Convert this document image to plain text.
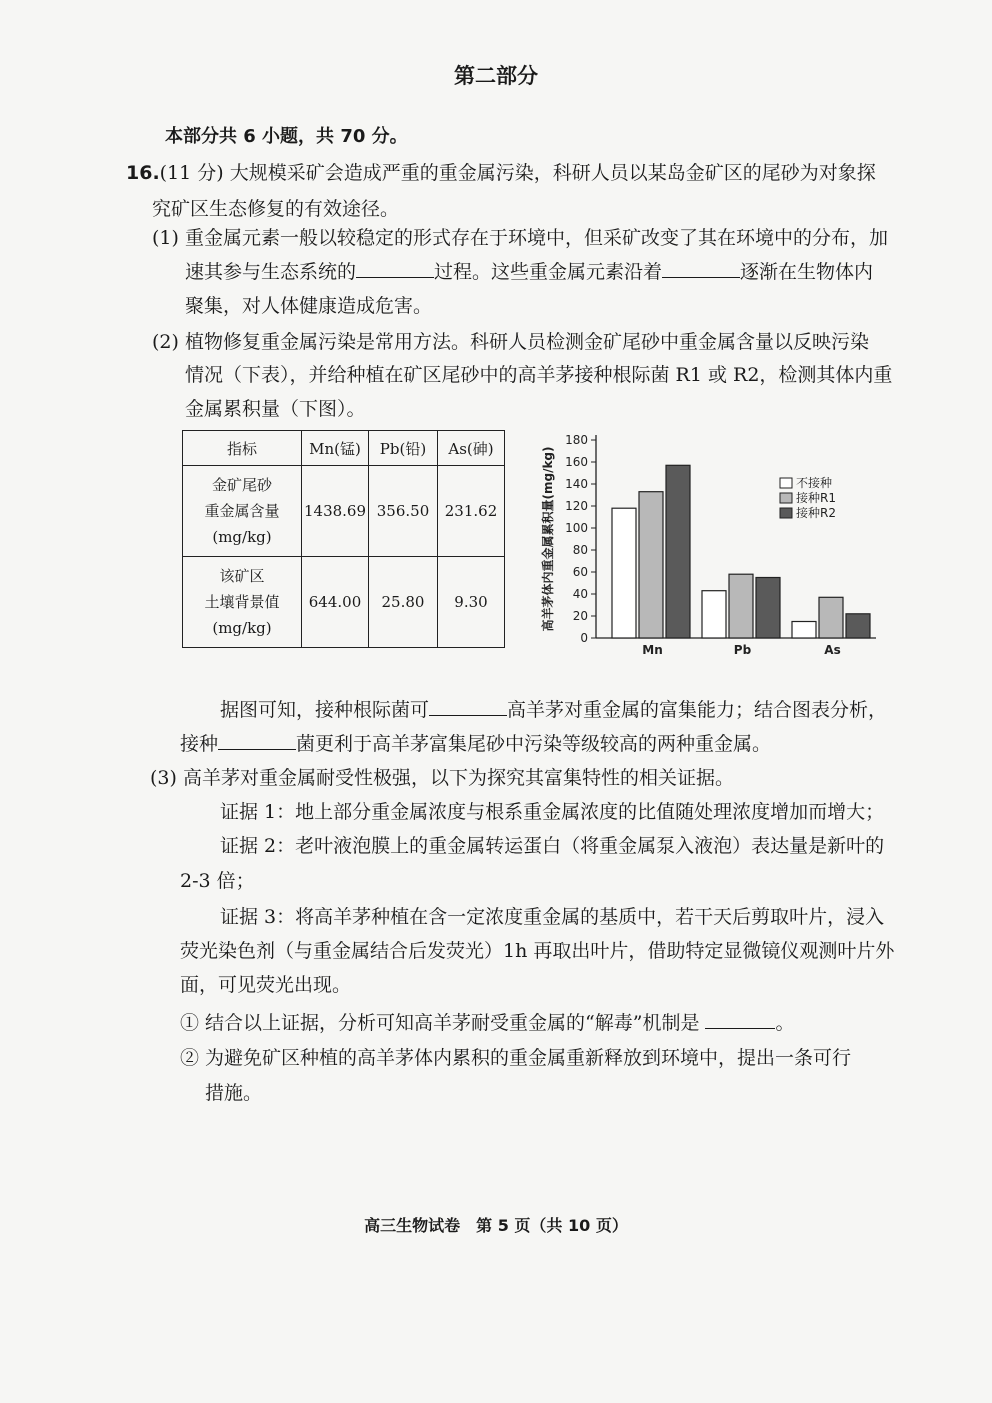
第二部分
本部分共 6 小题，共 70 分。
16.(11 分) 大规模采矿会造成严重的重金属污染，科研人员以某岛金矿区的尾砂为对象探
究矿区生态修复的有效途径。
(1) 重金属元素一般以较稳定的形式存在于环境中，但采矿改变了其在环境中的分布，加
速其参与生态系统的	过程。这些重金属元素沿着	逐渐在生物体内
聚集，对人体健康造成危害。
(2) 植物修复重金属污染是常用方法。科研人员检测金矿尾砂中重金属含量以反映污染
情况（下表），并给种植在矿区尾砂中的高羊茅接种根际菌 R1 或 R2，检测其体内重
金属累积量（下图）。
指标	Mn(锰)	Pb(铅)	As(砷)

金矿尾砂
重金属含量
(mg/kg)	1438.69	356.50	231.62

该矿区
土壤背景值
(mg/kg)	644.00	25.80	9.30	高羊茅体内重金属累积量(mg/kg)
0
20
40
60
80
100
120
140
160
180
Mn	Pb	As
不接种
接种R1
接种R2
据图可知，接种根际菌可	高羊茅对重金属的富集能力；结合图表分析，
接种	菌更利于高羊茅富集尾砂中污染等级较高的两种重金属。
(3) 高羊茅对重金属耐受性极强，以下为探究其富集特性的相关证据。
证据 1：地上部分重金属浓度与根系重金属浓度的比值随处理浓度增加而增大；
证据 2：老叶液泡膜上的重金属转运蛋白（将重金属泵入液泡）表达量是新叶的
2-3 倍；
证据 3：将高羊茅种植在含一定浓度重金属的基质中，若干天后剪取叶片，浸入
荧光染色剂（与重金属结合后发荧光）1h 再取出叶片，借助特定显微镜仪观测叶片外
面，可见荧光出现。
① 结合以上证据，分析可知高羊茅耐受重金属的“解毒”机制是	。
② 为避免矿区种植的高羊茅体内累积的重金属重新释放到环境中，提出一条可行
措施。
高三生物试卷　第 5 页（共 10 页）
